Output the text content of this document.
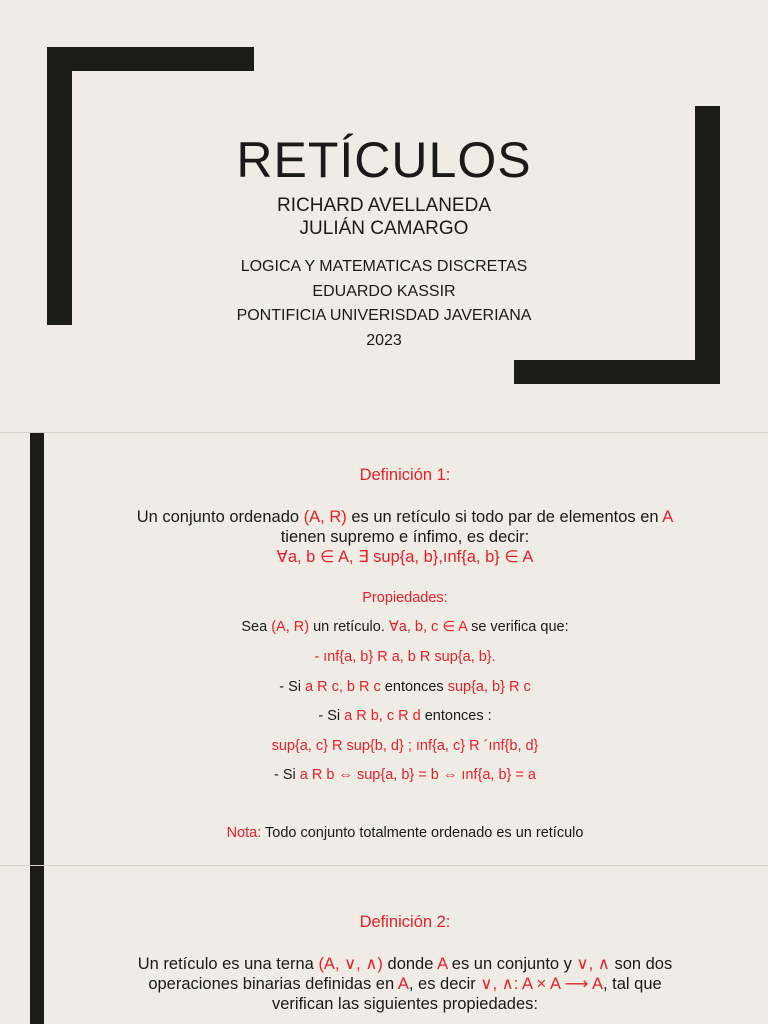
RETÍCULOS
RICHARD AVELLANEDA
JULIÁN CAMARGO
LOGICA Y MATEMATICAS DISCRETAS
EDUARDO KASSIR
PONTIFICIA UNIVERISDAD JAVERIANA
2023
Definición 1:
Un conjunto ordenado (A, R) es un retículo si todo par de elementos en A
tienen supremo e ínfimo, es decir:
∀a, b ∈ A, ∃ sup{a, b},ınf{a, b} ∈ A
Propiedades:
Sea (A, R) un retículo. ∀a, b, c ∈ A se verifica que:
- ınf{a, b} R a, b R sup{a, b}.
- Si a R c, b R c entonces sup{a, b} R c
- Si a R b, c R d entonces :
sup{a, c} R sup{b, d} ; ınf{a, c} R ´ınf{b, d}
- Si a R b ⇔ sup{a, b} = b ⇔ ınf{a, b} = a
Nota: Todo conjunto totalmente ordenado es un retículo
Definición 2:
Un retículo es una terna (A, ∨, ∧) donde A es un conjunto y ∨, ∧ son dos
operaciones binarias definidas en A, es decir ∨, ∧: A × A ⟶ A, tal que
verifican las siguientes propiedades:
